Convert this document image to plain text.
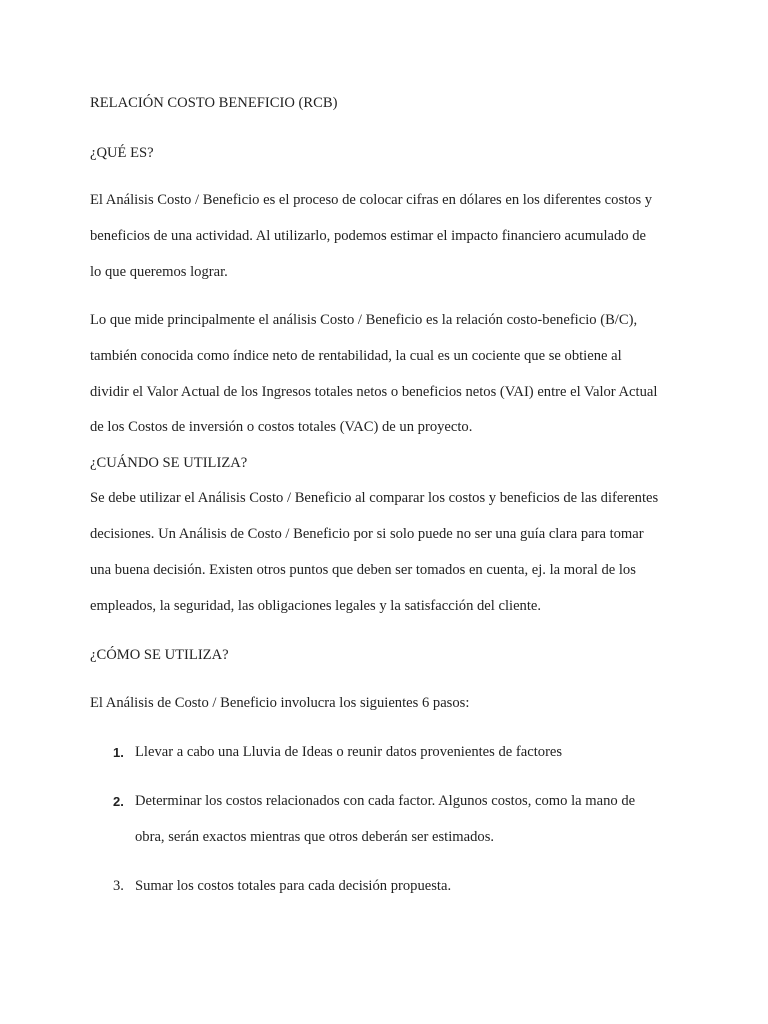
RELACIÓN COSTO BENEFICIO (RCB)
¿QUÉ ES?
El Análisis Costo / Beneficio es el proceso de colocar cifras en dólares en los diferentes costos y
beneficios de una actividad. Al utilizarlo, podemos estimar el impacto financiero acumulado de
lo que queremos lograr.
Lo que mide principalmente el análisis Costo / Beneficio es la relación costo-beneficio (B/C),
también conocida como índice neto de rentabilidad, la cual es un cociente que se obtiene al
dividir el Valor Actual de los Ingresos totales netos o beneficios netos (VAI) entre el Valor Actual
de los Costos de inversión o costos totales (VAC) de un proyecto.
¿CUÁNDO SE UTILIZA?
Se debe utilizar el Análisis Costo / Beneficio al comparar los costos y beneficios de las diferentes
decisiones. Un Análisis de Costo / Beneficio por si solo puede no ser una guía clara para tomar
una buena decisión. Existen otros puntos que deben ser tomados en cuenta, ej. la moral de los
empleados, la seguridad, las obligaciones legales y la satisfacción del cliente.
¿CÓMO SE UTILIZA?
El Análisis de Costo / Beneficio involucra los siguientes 6 pasos:
1. Llevar a cabo una Lluvia de Ideas o reunir datos provenientes de factores
2. Determinar los costos relacionados con cada factor. Algunos costos, como la mano de
obra, serán exactos mientras que otros deberán ser estimados.
3. Sumar los costos totales para cada decisión propuesta.
